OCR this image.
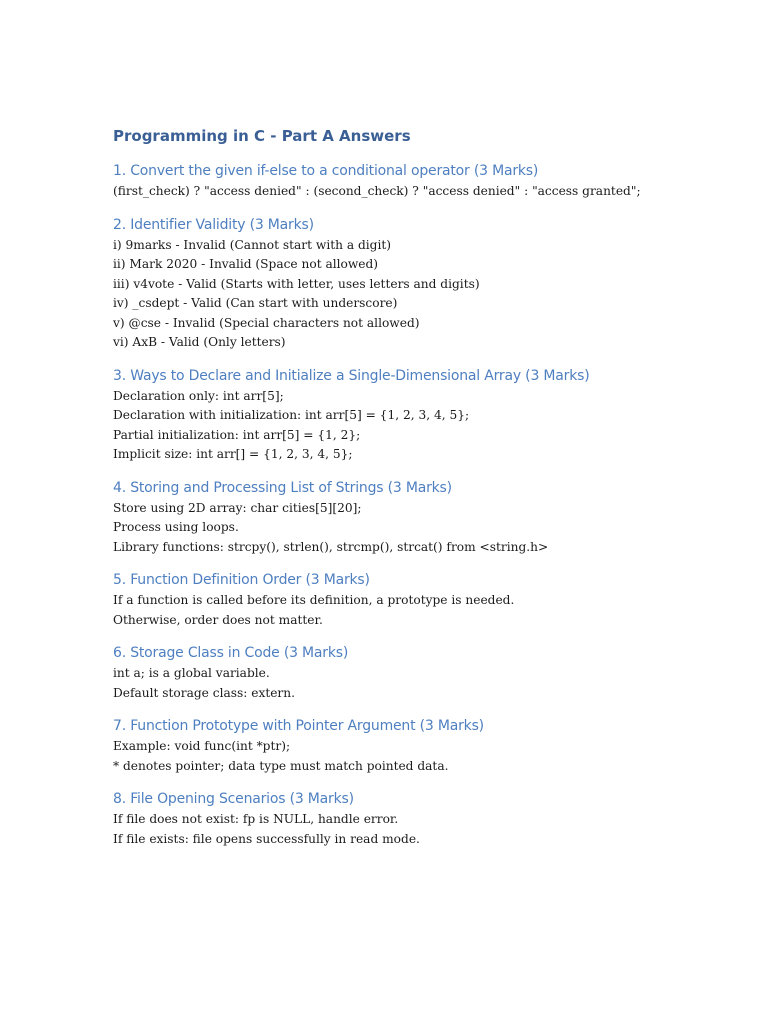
Programming in C - Part A Answers
1. Convert the given if-else to a conditional operator (3 Marks)

(first_check) ? "access denied" : (second_check) ? "access denied" : "access granted";

2. Identifier Validity (3 Marks)

i) 9marks - Invalid (Cannot start with a digit)

ii) Mark 2020 - Invalid (Space not allowed)

iii) v4vote - Valid (Starts with letter, uses letters and digits)

iv) _csdept - Valid (Can start with underscore)

v) @cse - Invalid (Special characters not allowed)

vi) AxB - Valid (Only letters)

3. Ways to Declare and Initialize a Single-Dimensional Array (3 Marks)

Declaration only: int arr[5];

Declaration with initialization: int arr[5] = {1, 2, 3, 4, 5};

Partial initialization: int arr[5] = {1, 2};

Implicit size: int arr[] = {1, 2, 3, 4, 5};

4. Storing and Processing List of Strings (3 Marks)

Store using 2D array: char cities[5][20];

Process using loops.

Library functions: strcpy(), strlen(), strcmp(), strcat() from <string.h>

5. Function Definition Order (3 Marks)

If a function is called before its definition, a prototype is needed.

Otherwise, order does not matter.

6. Storage Class in Code (3 Marks)

int a; is a global variable.

Default storage class: extern.

7. Function Prototype with Pointer Argument (3 Marks)

Example: void func(int *ptr);

* denotes pointer; data type must match pointed data.

8. File Opening Scenarios (3 Marks)

If file does not exist: fp is NULL, handle error.

If file exists: file opens successfully in read mode.
